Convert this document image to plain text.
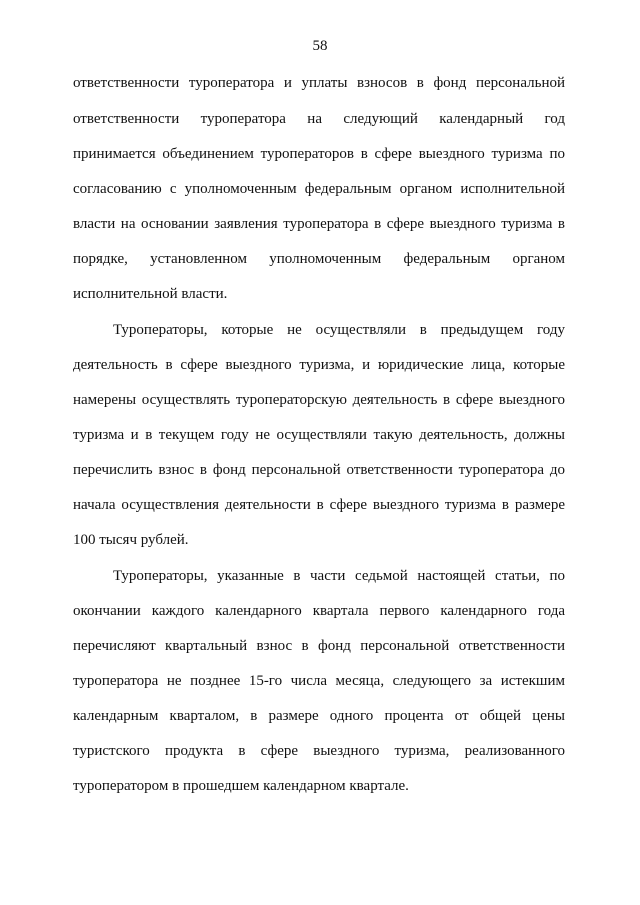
58
ответственности туроператора и уплаты взносов в фонд персональной
ответственности туроператора на следующий календарный год
принимается объединением туроператоров в сфере выездного туризма по
согласованию с уполномоченным федеральным органом исполнительной
власти на основании заявления туроператора в сфере выездного туризма в
порядке, установленном уполномоченным федеральным органом
исполнительной власти.
Туроператоры, которые не осуществляли в предыдущем году
деятельность в сфере выездного туризма, и юридические лица, которые
намерены осуществлять туроператорскую деятельность в сфере выездного
туризма и в текущем году не осуществляли такую деятельность, должны
перечислить взнос в фонд персональной ответственности туроператора до
начала осуществления деятельности в сфере выездного туризма в размере
100 тысяч рублей.
Туроператоры, указанные в части седьмой настоящей статьи, по
окончании каждого календарного квартала первого календарного года
перечисляют квартальный взнос в фонд персональной ответственности
туроператора не позднее 15-го числа месяца, следующего за истекшим
календарным кварталом, в размере одного процента от общей цены
туристского продукта в сфере выездного туризма, реализованного
туроператором в прошедшем календарном квартале.
